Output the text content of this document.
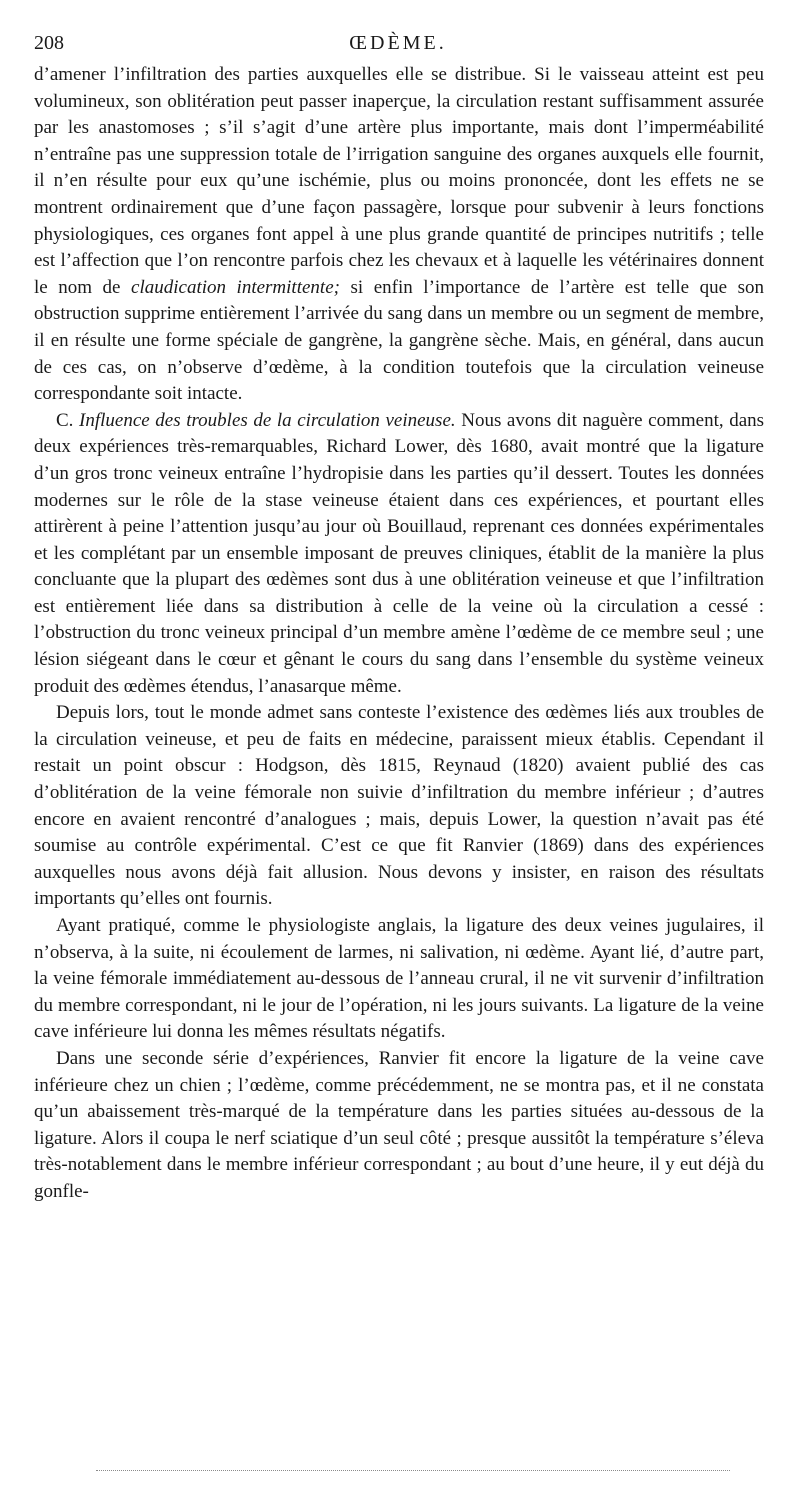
208	ŒDÈME.

d’amener l’infiltration des parties auxquelles elle se distribue. Si le vaisseau atteint est peu volumineux, son oblitération peut passer inaperçue, la circulation restant suffisamment assurée par les anastomoses ; s’il s’agit d’une artère plus importante, mais dont l’imperméabilité n’entraîne pas une suppression totale de l’irrigation sanguine des organes auxquels elle fournit, il n’en résulte pour eux qu’une ischémie, plus ou moins prononcée, dont les effets ne se montrent ordinairement que d’une façon passagère, lorsque pour subvenir à leurs fonctions physiologiques, ces organes font appel à une plus grande quantité de principes nutritifs ; telle est l’affection que l’on rencontre parfois chez les chevaux et à laquelle les vétérinaires donnent le nom de claudication intermittente; si enfin l’importance de l’artère est telle que son obstruction supprime entièrement l’arrivée du sang dans un membre ou un segment de membre, il en résulte une forme spéciale de gangrène, la gangrène sèche. Mais, en général, dans aucun de ces cas, on n’observe d’œdème, à la condition toutefois que la circulation veineuse correspondante soit intacte.

C. Influence des troubles de la circulation veineuse. Nous avons dit naguère comment, dans deux expériences très-remarquables, Richard Lower, dès 1680, avait montré que la ligature d’un gros tronc veineux entraîne l’hydropisie dans les parties qu’il dessert. Toutes les données modernes sur le rôle de la stase veineuse étaient dans ces expériences, et pourtant elles attirèrent à peine l’attention jusqu’au jour où Bouillaud, reprenant ces données expérimentales et les complétant par un ensemble imposant de preuves cliniques, établit de la manière la plus concluante que la plupart des œdèmes sont dus à une oblitération veineuse et que l’infiltration est entièrement liée dans sa distribution à celle de la veine où la circulation a cessé : l’obstruction du tronc veineux principal d’un membre amène l’œdème de ce membre seul ; une lésion siégeant dans le cœur et gênant le cours du sang dans l’ensemble du système veineux produit des œdèmes étendus, l’anasarque même.

Depuis lors, tout le monde admet sans conteste l’existence des œdèmes liés aux troubles de la circulation veineuse, et peu de faits en médecine, paraissent mieux établis. Cependant il restait un point obscur : Hodgson, dès 1815, Reynaud (1820) avaient publié des cas d’oblitération de la veine fémorale non suivie d’infiltration du membre inférieur ; d’autres encore en avaient rencontré d’analogues ; mais, depuis Lower, la question n’avait pas été soumise au contrôle expérimental. C’est ce que fit Ranvier (1869) dans des expériences auxquelles nous avons déjà fait allusion. Nous devons y insister, en raison des résultats importants qu’elles ont fournis.

Ayant pratiqué, comme le physiologiste anglais, la ligature des deux veines jugulaires, il n’observa, à la suite, ni écoulement de larmes, ni salivation, ni œdème. Ayant lié, d’autre part, la veine fémorale immédiatement au-dessous de l’anneau crural, il ne vit survenir d’infiltration du membre correspondant, ni le jour de l’opération, ni les jours suivants. La ligature de la veine cave inférieure lui donna les mêmes résultats négatifs.

Dans une seconde série d’expériences, Ranvier fit encore la ligature de la veine cave inférieure chez un chien ; l’œdème, comme précédemment, ne se montra pas, et il ne constata qu’un abaissement très-marqué de la température dans les parties situées au-dessous de la ligature. Alors il coupa le nerf sciatique d’un seul côté ; presque aussitôt la température s’éleva très-notablement dans le membre inférieur correspondant ; au bout d’une heure, il y eut déjà du gonfle-
